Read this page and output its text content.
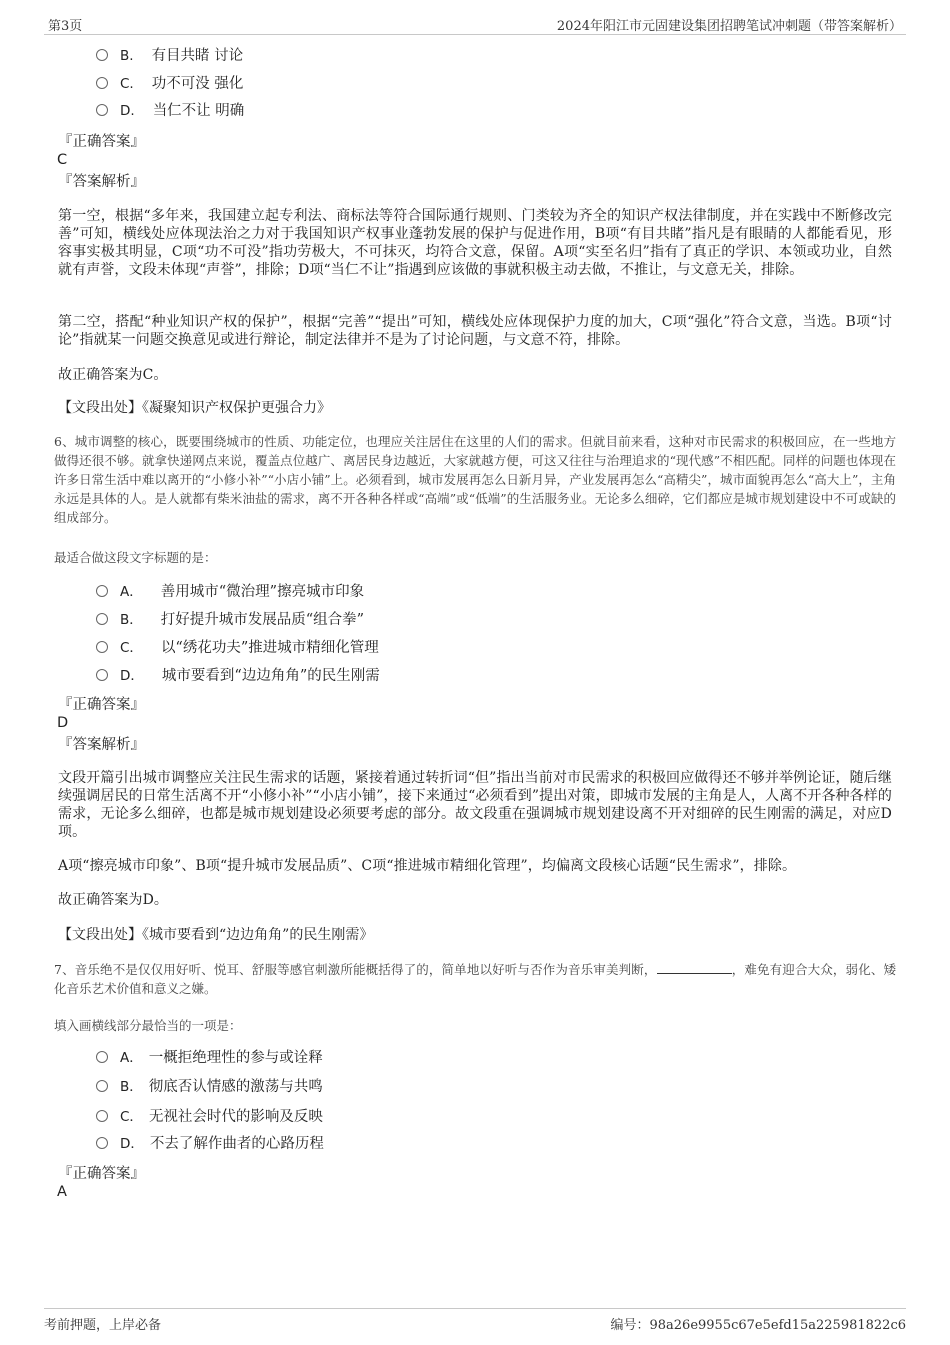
第3页	2024年阳江市元固建设集团招聘笔试冲刺题（带答案解析）
B. 有目共睹 讨论
C. 功不可没 强化
D. 当仁不让 明确
『正确答案』
C
『答案解析』
第一空，根据“多年来，我国建立起专利法、商标法等符合国际通行规则、门类较为齐全的知识产权法律制度，并在实践中不断修改完善”可知，横线处应体现法治之力对于我国知识产权事业蓬勃发展的保护与促进作用，B项“有目共睹”指凡是有眼睛的人都能看见，形容事实极其明显，C项“功不可没”指功劳极大，不可抹灭，均符合文意，保留。A项“实至名归”指有了真正的学识、本领或功业，自然就有声誉，文段未体现“声誉”，排除；D项“当仁不让”指遇到应该做的事就积极主动去做，不推让，与文意无关，排除。
第二空，搭配“种业知识产权的保护”，根据“完善”“提出”可知，横线处应体现保护力度的加大，C项“强化”符合文意，当选。B项“讨论”指就某一问题交换意见或进行辩论，制定法律并不是为了讨论问题，与文意不符，排除。
故正确答案为C。
【文段出处】《凝聚知识产权保护更强合力》
6、城市调整的核心，既要围绕城市的性质、功能定位，也理应关注居住在这里的人们的需求。但就目前来看，这种对市民需求的积极回应，在一些地方做得还很不够。就拿快递网点来说，覆盖点位越广、离居民身边越近，大家就越方便，可这又往往与治理追求的“现代感”不相匹配。同样的问题也体现在许多日常生活中难以离开的“小修小补”“小店小铺”上。必须看到，城市发展再怎么日新月异，产业发展再怎么“高精尖”，城市面貌再怎么“高大上”，主角永远是具体的人。是人就都有柴米油盐的需求，离不开各种各样或“高端”或“低端”的生活服务业。无论多么细碎，它们都应是城市规划建设中不可或缺的组成部分。
最适合做这段文字标题的是：
A． 善用城市“微治理”擦亮城市印象
B． 打好提升城市发展品质“组合拳”
C． 以“绣花功夫”推进城市精细化管理
D． 城市要看到“边边角角”的民生刚需
『正确答案』
D
『答案解析』
文段开篇引出城市调整应关注民生需求的话题，紧接着通过转折词“但”指出当前对市民需求的积极回应做得还不够并举例论证，随后继续强调居民的日常生活离不开“小修小补”“小店小铺”，接下来通过“必须看到”提出对策，即城市发展的主角是人，人离不开各种各样的需求，无论多么细碎，也都是城市规划建设必须要考虑的部分。故文段重在强调城市规划建设离不开对细碎的民生刚需的满足，对应D项。
A项“擦亮城市印象”、B项“提升城市发展品质”、C项“推进城市精细化管理”，均偏离文段核心话题“民生需求”，排除。
故正确答案为D。
【文段出处】《城市要看到“边边角角”的民生刚需》
7、音乐绝不是仅仅用好听、悦耳、舒服等感官刺激所能概括得了的，简单地以好听与否作为音乐审美判断，	，难免有迎合大众，弱化、矮化音乐艺术价值和意义之嫌。
填入画横线部分最恰当的一项是：
A． 一概拒绝理性的参与或诠释
B． 彻底否认情感的激荡与共鸣
C． 无视社会时代的影响及反映
D． 不去了解作曲者的心路历程
『正确答案』
A
考前押题，上岸必备	编号：98a26e9955c67e5efd15a225981822c6
